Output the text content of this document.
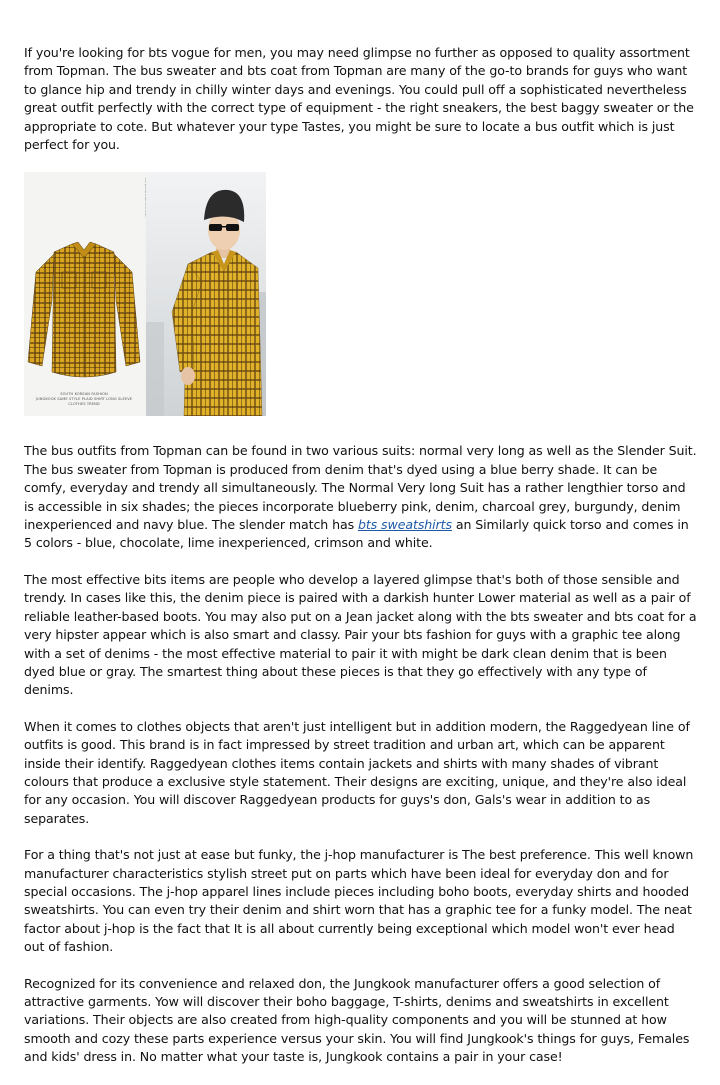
If you're looking for bts vogue for men, you may need glimpse no further as opposed to quality assortment from Topman. The bus sweater and bts coat from Topman are many of the go-to brands for guys who want to glance hip and trendy in chilly winter days and evenings. You could pull off a sophisticated nevertheless great outfit perfectly with the correct type of equipment - the right sneakers, the best baggy sweater or the appropriate to cote. But whatever your type Tastes, you might be sure to locate a bus outfit which is just perfect for you.

SOUTH KOREAN FASHION
JUNGKOOK SAME STYLE PLAID SHIRT LONG SLEEVE CLOTHES TREND

The bus outfits from Topman can be found in two various suits: normal very long as well as the Slender Suit. The bus sweater from Topman is produced from denim that's dyed using a blue berry shade. It can be comfy, everyday and trendy all simultaneously. The Normal Very long Suit has a rather lengthier torso and is accessible in six shades; the pieces incorporate blueberry pink, denim, charcoal grey, burgundy, denim inexperienced and navy blue. The slender match has bts sweatshirts an Similarly quick torso and comes in 5 colors - blue, chocolate, lime inexperienced, crimson and white.

The most effective bits items are people who develop a layered glimpse that's both of those sensible and trendy. In cases like this, the denim piece is paired with a darkish hunter Lower material as well as a pair of reliable leather-based boots. You may also put on a Jean jacket along with the bts sweater and bts coat for a very hipster appear which is also smart and classy. Pair your bts fashion for guys with a graphic tee along with a set of denims - the most effective material to pair it with might be dark clean denim that is been dyed blue or gray. The smartest thing about these pieces is that they go effectively with any type of denims.

When it comes to clothes objects that aren't just intelligent but in addition modern, the Raggedyean line of outfits is good. This brand is in fact impressed by street tradition and urban art, which can be apparent inside their identify. Raggedyean clothes items contain jackets and shirts with many shades of vibrant colours that produce a exclusive style statement. Their designs are exciting, unique, and they're also ideal for any occasion. You will discover Raggedyean products for guys's don, Gals's wear in addition to as separates.

For a thing that's not just at ease but funky, the j-hop manufacturer is The best preference. This well known manufacturer characteristics stylish street put on parts which have been ideal for everyday don and for special occasions. The j-hop apparel lines include pieces including boho boots, everyday shirts and hooded sweatshirts. You can even try their denim and shirt worn that has a graphic tee for a funky model. The neat factor about j-hop is the fact that It is all about currently being exceptional which model won't ever head out of fashion.

Recognized for its convenience and relaxed don, the Jungkook manufacturer offers a good selection of attractive garments. Yow will discover their boho baggage, T-shirts, denims and sweatshirts in excellent variations. Their objects are also created from high-quality components and you will be stunned at how smooth and cozy these parts experience versus your skin. You will find Jungkook's things for guys, Females and kids' dress in. No matter what your taste is, Jungkook contains a pair in your case!
